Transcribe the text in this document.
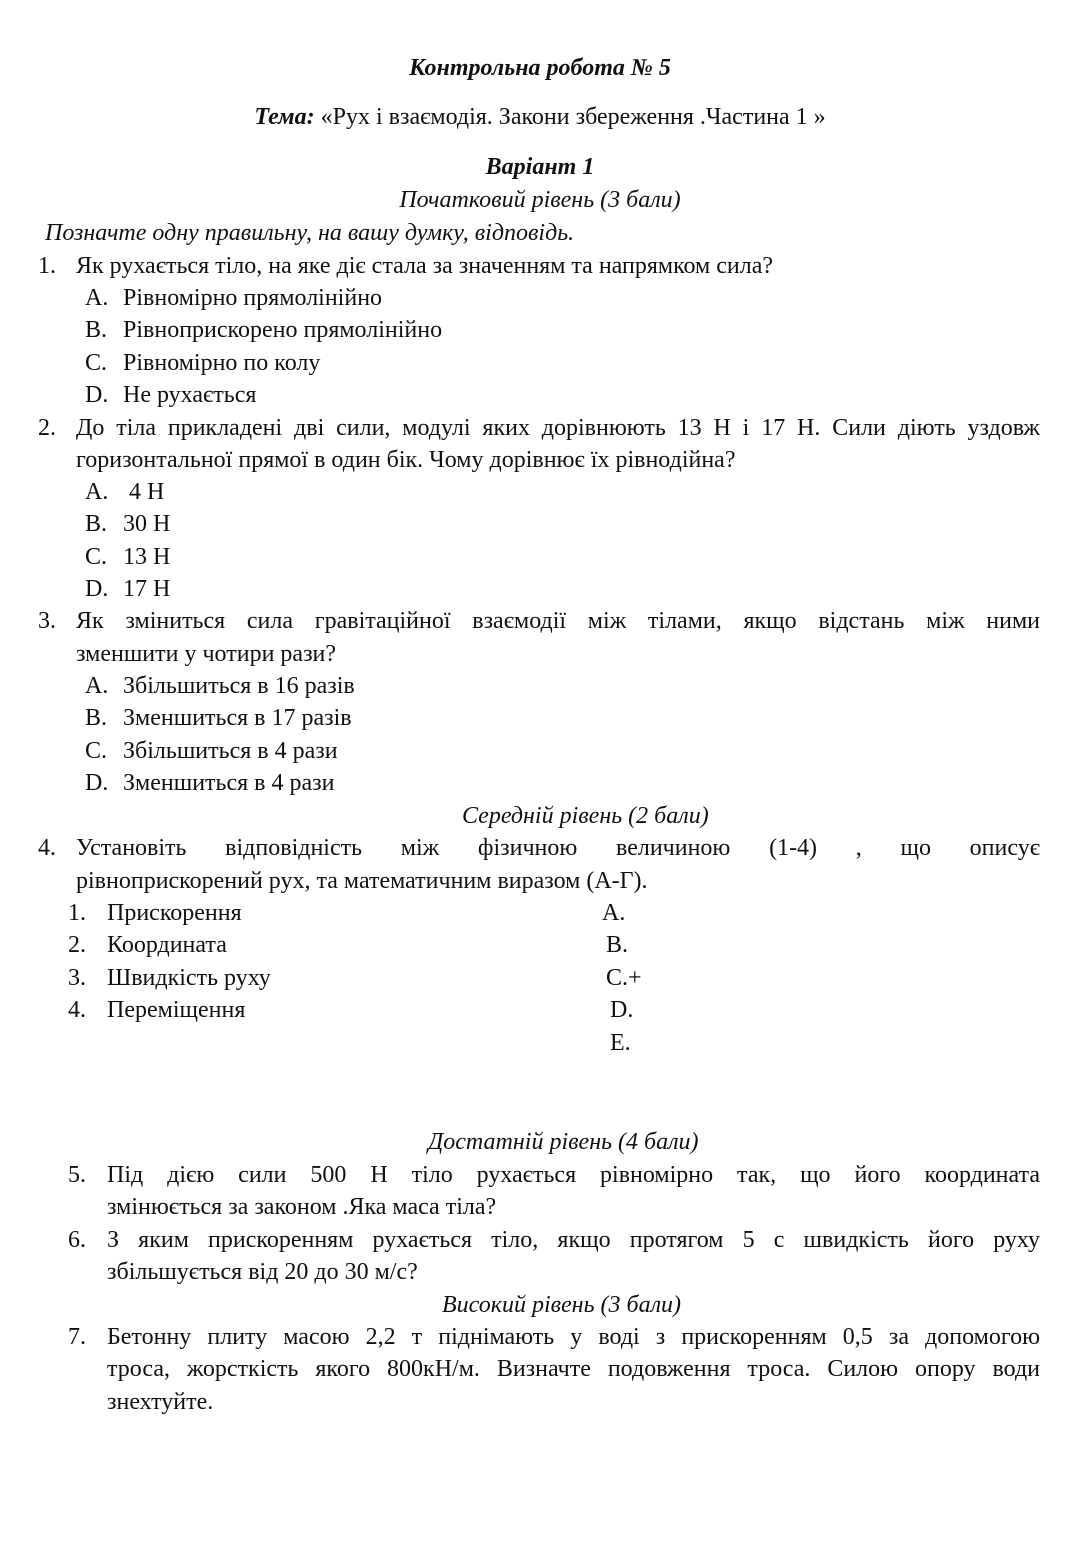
Контрольна робота № 5
Тема: «Рух і взаємодія. Закони збереження .Частина 1 »
Варіант 1
Початковий рівень (3 бали)
Позначте одну правильну, на вашу думку, відповідь.
1. Як рухається тіло, на яке діє стала за значенням та напрямком сила?
A. Рівномірно прямолінійно
B. Рівноприскорено прямолінійно
C. Рівномірно по колу
D. Не рухається
2. До тіла прикладені дві сили, модулі яких дорівнюють 13 Н і 17 Н. Сили діють уздовж
горизонтальної прямої в один бік. Чому дорівнює їх рівнодійна?
A. 4 Н
B. 30 Н
C. 13 Н
D. 17 Н
3. Як зміниться сила гравітаційної взаємодії між тілами, якщо відстань між ними
зменшити у чотири рази?
A. Збільшиться в 16 разів
B. Зменшиться в 17 разів
C. Збільшиться в 4 рази
D. Зменшиться в 4 рази
Середній рівень (2 бали)
4. Установіть відповідність між фізичною величиною (1-4) , що описує
рівноприскорений рух, та математичним виразом (А-Г).
1. Прискорення
2. Координата
3. Швидкість руху
4. Переміщення
A.
B.
C.+
D.
E.
Достатній рівень (4 бали)
5. Під дією сили 500 Н тіло рухається рівномірно так, що його координата
змінюється за законом .Яка маса тіла?
6. З яким прискоренням рухається тіло, якщо протягом 5 с швидкість його руху
збільшується від 20 до 30 м/с?
Високий рівень (3 бали)
7. Бетонну плиту масою 2,2 т піднімають у воді з прискоренням 0,5 за допомогою
троса, жорсткість якого 800кН/м. Визначте подовження троса. Силою опору води
знехтуйте.
